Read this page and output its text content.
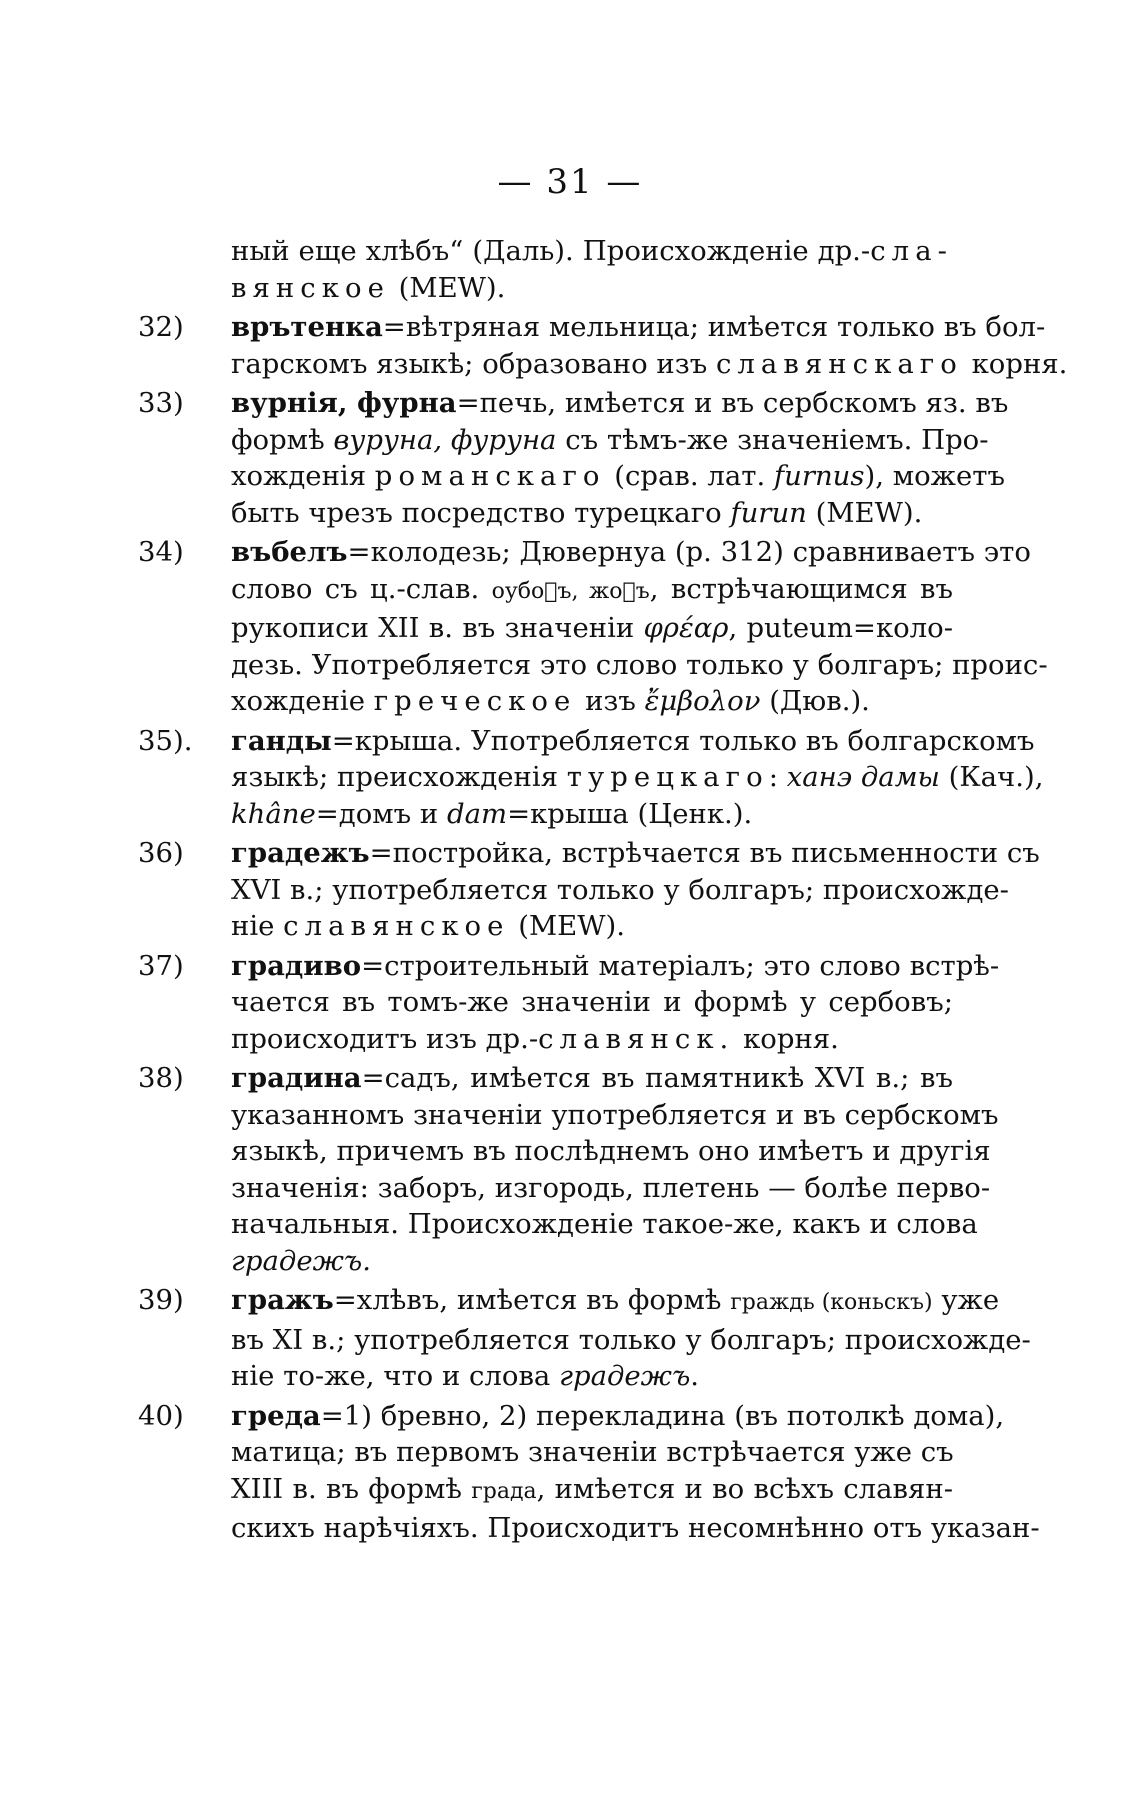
— 31 —
ный еще хлѣбъ“ (Даль). Происхожденіе др.-сла-
вянское (MEW).
32) врътенка=вѣтряная мельница; имѣется только въ бол-
гарскомъ языкѣ; образовано изъ славянскаго корня.
33) вурнія, фурна=печь, имѣется и въ сербскомъ яз. въ
формѣ вуруна, фуруна съ тѣмъ-же значеніемъ. Про-
хожденія романскаго (срав. лат. furnus), можетъ
быть чрезъ посредство турецкаго furun (MEW).
34) въбелъ=колодезь; Дювернуа (р. 312) сравниваетъ это
слово съ ц.-слав. оубоⷧъ, жоⷧъ, встрѣчающимся въ
рукописи XII в. въ значеніи φρέαρ, puteum=коло-
дезь. Употребляется это слово только у болгаръ; проис-
хожденіе греческое изъ ἔμβολον (Дюв.).
35). ганды=крыша. Употребляется только въ болгарскомъ
языкѣ; преисхожденія турецкаго: ханэ дамы (Кач.),
khâne=домъ и dam=крыша (Ценк.).
36) градежъ=постройка, встрѣчается въ письменности съ
XVI в.; употребляется только у болгаръ; происхожде-
ніе славянское (MEW).
37) градиво=строительный матеріалъ; это слово встрѣ-
чается въ томъ-же значеніи и формѣ у сербовъ;
происходитъ изъ др.-славянск. корня.
38) градина=садъ, имѣется въ памятникѣ XVI в.; въ
указанномъ значеніи употребляется и въ сербскомъ
языкѣ, причемъ въ послѣднемъ оно имѣетъ и другія
значенія: заборъ, изгородь, плетень — болѣе перво-
начальныя. Происхожденіе такое-же, какъ и слова
градежъ.
39) гражъ=хлѣвъ, имѣется въ формѣ граждь (коньскъ) уже
въ XI в.; употребляется только у болгаръ; происхожде-
ніе то-же, что и слова градежъ.
40) греда=1) бревно, 2) перекладина (въ потолкѣ дома),
матица; въ первомъ значеніи встрѣчается уже съ
XIII в. въ формѣ града, имѣется и во всѣхъ славян-
скихъ нарѣчіяхъ. Происходитъ несомнѣнно отъ указан-
